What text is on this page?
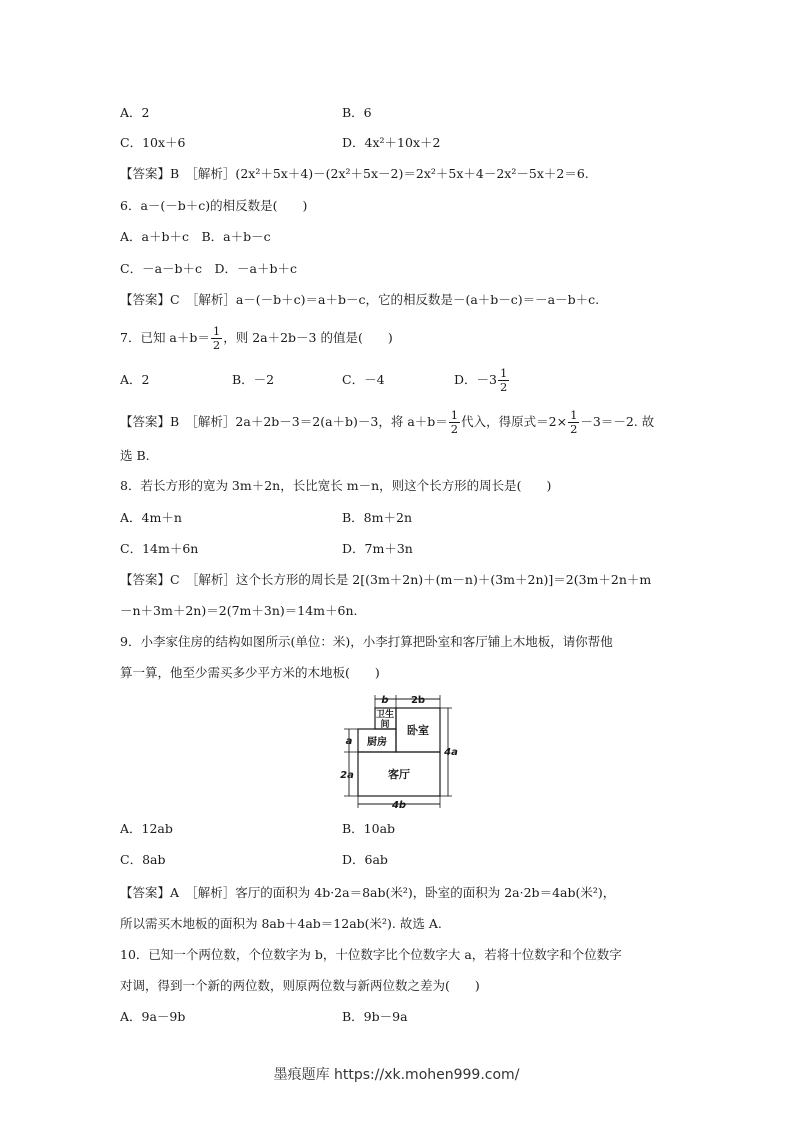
A．2	B．6
C．10x＋6	D．4x²＋10x＋2
【答案】B　［解析］(2x²＋5x＋4)－(2x²＋5x－2)＝2x²＋5x＋4－2x²－5x＋2＝6.
6．a－(－b＋c)的相反数是(　　)
A．a＋b＋c　B．a＋b－c
C．－a－b＋c　D．－a＋b＋c
【答案】C　［解析］a－(－b＋c)＝a＋b－c，它的相反数是－(a＋b－c)＝－a－b＋c.
7．已知 $a+b= \frac{1}{2}$ ，则 2a＋2b－3 的值是(　　)
A．2	B．－2	C．－4	D．$-3 \frac{1}{2}$
【答案】B　［解析］2a＋2b－3＝2(a＋b)－3，将 $a+b= \frac{1}{2}$ 代入，得原式$=2\times \frac{1}{2} -3=-2$. 故
选 B.
8．若长方形的宽为 3m＋2n，长比宽长 m－n，则这个长方形的周长是(　　)
A．4m＋n	B．8m＋2n
C．14m＋6n	D．7m＋3n
【答案】C　［解析］这个长方形的周长是 2[(3m＋2n)＋(m－n)＋(3m＋2n)]＝2(3m＋2n＋m
－n＋3m＋2n)＝2(7m＋3n)＝14m＋6n.
9．小李家住房的结构如图所示(单位：米)，小李打算把卧室和客厅铺上木地板，请你帮他
算一算，他至少需买多少平方米的木地板(　　)
b 2b
卫生
间 卧室
厨房
客厅
a
2a
4a
4b
A．12ab	B．10ab
C．8ab	D．6ab
【答案】A　［解析］客厅的面积为 4b·2a＝8ab(米²)，卧室的面积为 2a·2b＝4ab(米²)，
所以需买木地板的面积为 8ab＋4ab＝12ab(米²). 故选 A.
10．已知一个两位数，个位数字为 b，十位数字比个位数字大 a，若将十位数字和个位数字
对调，得到一个新的两位数，则原两位数与新两位数之差为(　　)
A．9a－9b	B．9b－9a
墨痕题库 https://xk.mohen999.com/
